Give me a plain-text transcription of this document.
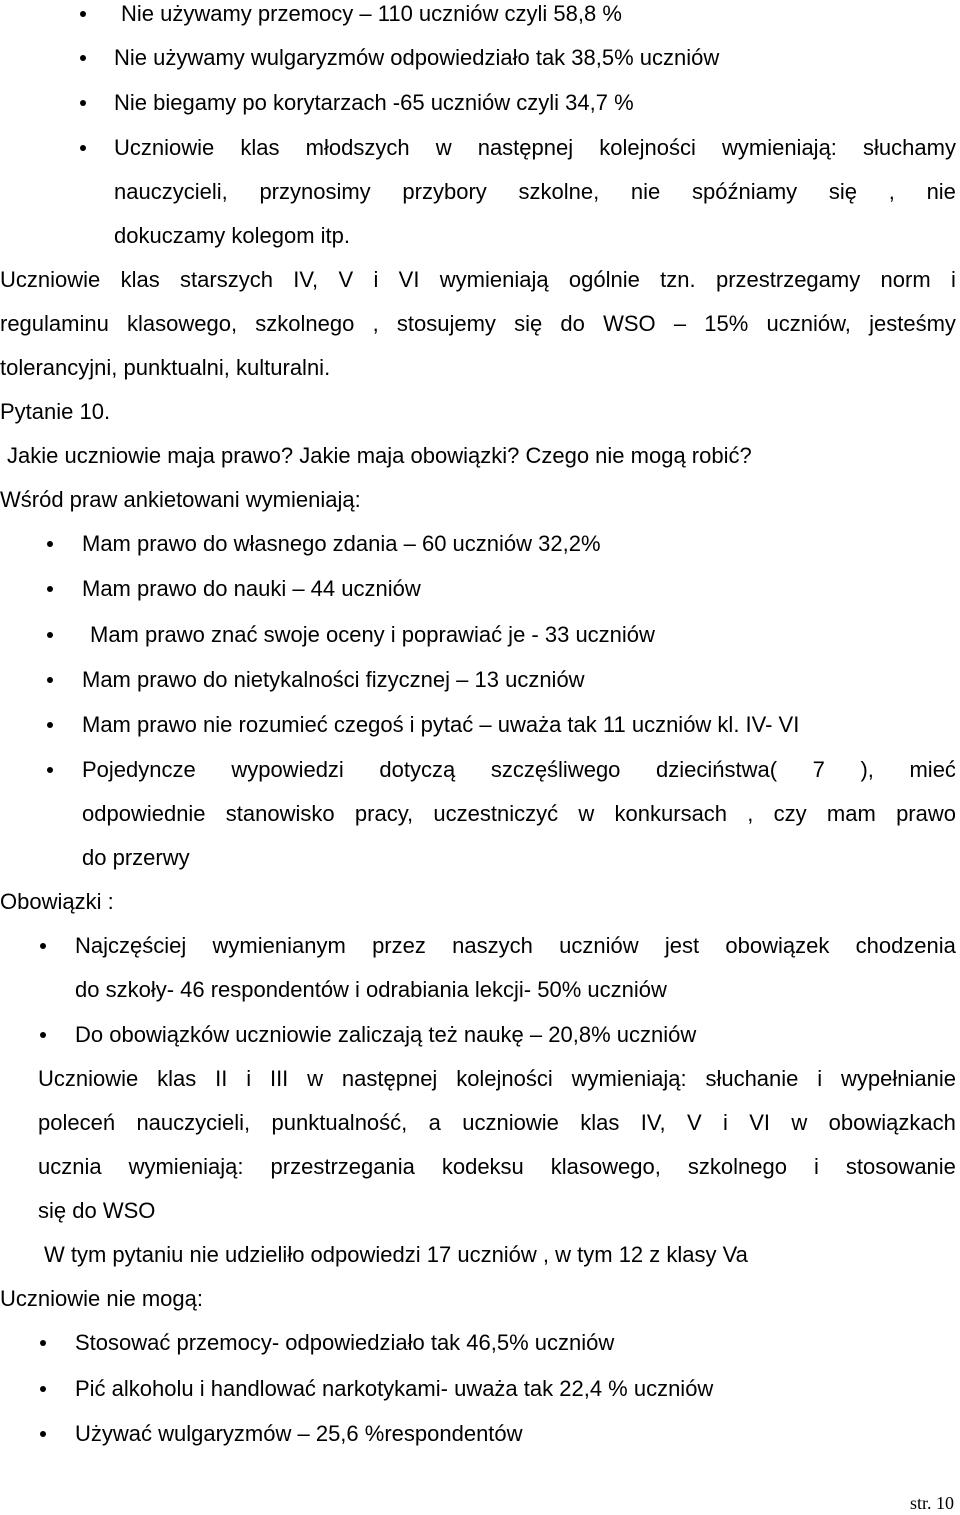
Nie używamy przemocy – 110 uczniów czyli 58,8 %
Nie używamy wulgaryzmów odpowiedziało tak 38,5% uczniów
Nie biegamy po korytarzach -65 uczniów czyli 34,7 %
Uczniowie klas młodszych w następnej kolejności wymieniają: słuchamy
nauczycieli, przynosimy przybory szkolne, nie spóźniamy się , nie
dokuczamy kolegom itp.
Uczniowie klas starszych IV, V i VI wymieniają ogólnie tzn. przestrzegamy norm i
regulaminu klasowego, szkolnego , stosujemy się do WSO – 15% uczniów, jesteśmy
tolerancyjni, punktualni, kulturalni.
Pytanie 10.
Jakie uczniowie maja prawo? Jakie maja obowiązki? Czego nie mogą robić?
Wśród praw ankietowani wymieniają:
Mam prawo do własnego zdania – 60 uczniów 32,2%
Mam prawo do nauki – 44 uczniów
Mam prawo znać swoje oceny i poprawiać je - 33 uczniów
Mam prawo do nietykalności fizycznej – 13 uczniów
Mam prawo nie rozumieć czegoś i pytać – uważa tak 11 uczniów kl. IV- VI
Pojedyncze wypowiedzi dotyczą szczęśliwego dzieciństwa( 7 ), mieć
odpowiednie stanowisko pracy, uczestniczyć w konkursach , czy mam prawo
do przerwy
Obowiązki :
Najczęściej wymienianym przez naszych uczniów jest obowiązek chodzenia
do szkoły- 46 respondentów i odrabiania lekcji- 50% uczniów
Do obowiązków uczniowie zaliczają też naukę – 20,8% uczniów
Uczniowie klas II i III w następnej kolejności wymieniają: słuchanie i wypełnianie
poleceń nauczycieli, punktualność, a uczniowie klas IV, V i VI w obowiązkach
ucznia wymieniają: przestrzegania kodeksu klasowego, szkolnego i stosowanie
się do WSO
W tym pytaniu nie udzieliło odpowiedzi 17 uczniów , w tym 12 z klasy Va
Uczniowie nie mogą:
Stosować przemocy- odpowiedziało tak 46,5% uczniów
Pić alkoholu i handlować narkotykami- uważa tak 22,4 % uczniów
Używać wulgaryzmów – 25,6 %respondentów
str. 10
